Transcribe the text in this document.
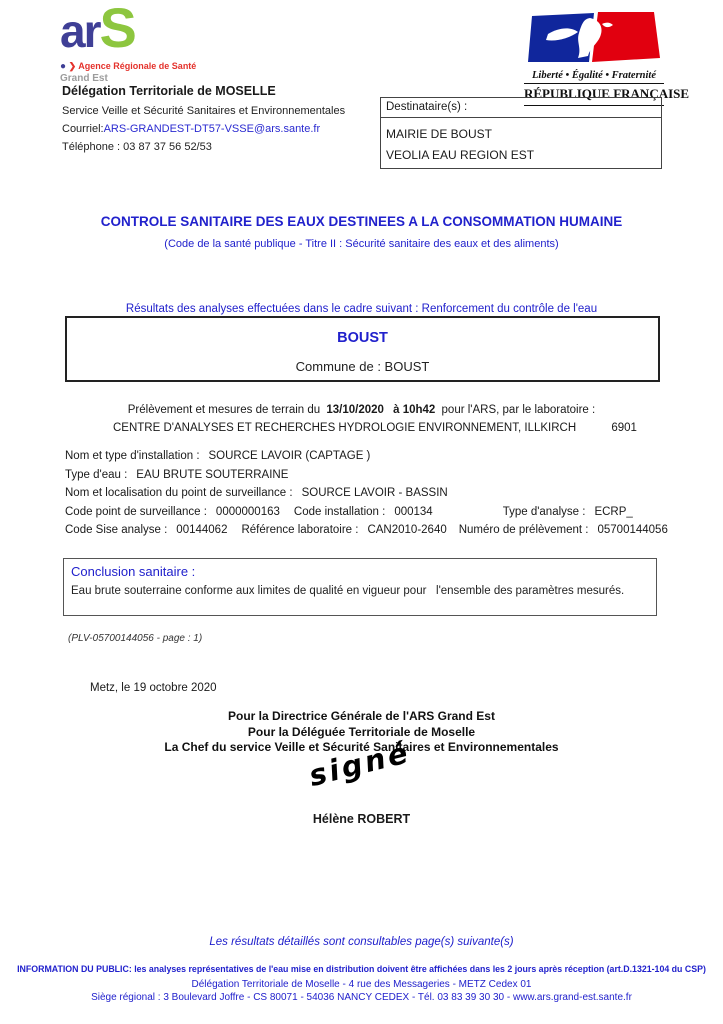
arS
● ❯ Agence Régionale de Santé
Grand Est
Délégation Territoriale de MOSELLE
Service Veille et Sécurité Sanitaires et Environnementales
Courriel:ARS-GRANDEST-DT57-VSSE@ars.sante.fr
Téléphone : 03 87 37 56 52/53
Liberté • Égalité • Fraternité
RÉPUBLIQUE FRANÇAISE
Destinataire(s) :
MAIRIE DE BOUST
VEOLIA EAU REGION EST
CONTROLE SANITAIRE DES EAUX DESTINEES A LA CONSOMMATION HUMAINE
(Code de la santé publique - Titre II : Sécurité sanitaire des eaux et des aliments)
Résultats des analyses effectuées dans le cadre suivant : Renforcement du contrôle de l'eau
BOUST
Commune de : BOUST
Prélèvement et mesures de terrain du 13/10/2020 à 10h42 pour l'ARS, par le laboratoire :
CENTRE D'ANALYSES ET RECHERCHES HYDROLOGIE ENVIRONNEMENT, ILLKIRCH	6901
Nom et type d'installation : SOURCE LAVOIR (CAPTAGE )
Type d'eau : EAU BRUTE SOUTERRAINE
Nom et localisation du point de surveillance : SOURCE LAVOIR - BASSIN
Code point de surveillance : 0000000163 Code installation : 000134	Type d'analyse : ECRP_
Code Sise analyse : 00144062 Référence laboratoire : CAN2010-2640 Numéro de prélèvement : 05700144056
Conclusion sanitaire :
Eau brute souterraine conforme aux limites de qualité en vigueur pour   l'ensemble des paramètres mesurés.
(PLV-05700144056 - page : 1)
Metz, le 19 octobre 2020
Pour la Directrice Générale de l'ARS Grand Est
Pour la Déléguée Territoriale de Moselle
La Chef du service Veille et Sécurité Sanitaires et Environnementales
signé
Hélène ROBERT
Les résultats détaillés sont consultables page(s) suivante(s)
INFORMATION DU PUBLIC: les analyses représentatives de l'eau mise en distribution doivent être affichées dans les 2 jours après réception (art.D.1321-104 du CSP)
Délégation Territoriale de Moselle - 4 rue des Messageries - METZ Cedex 01
Siège régional : 3 Boulevard Joffre - CS 80071 - 54036 NANCY CEDEX - Tél. 03 83 39 30 30 - www.ars.grand-est.sante.fr
